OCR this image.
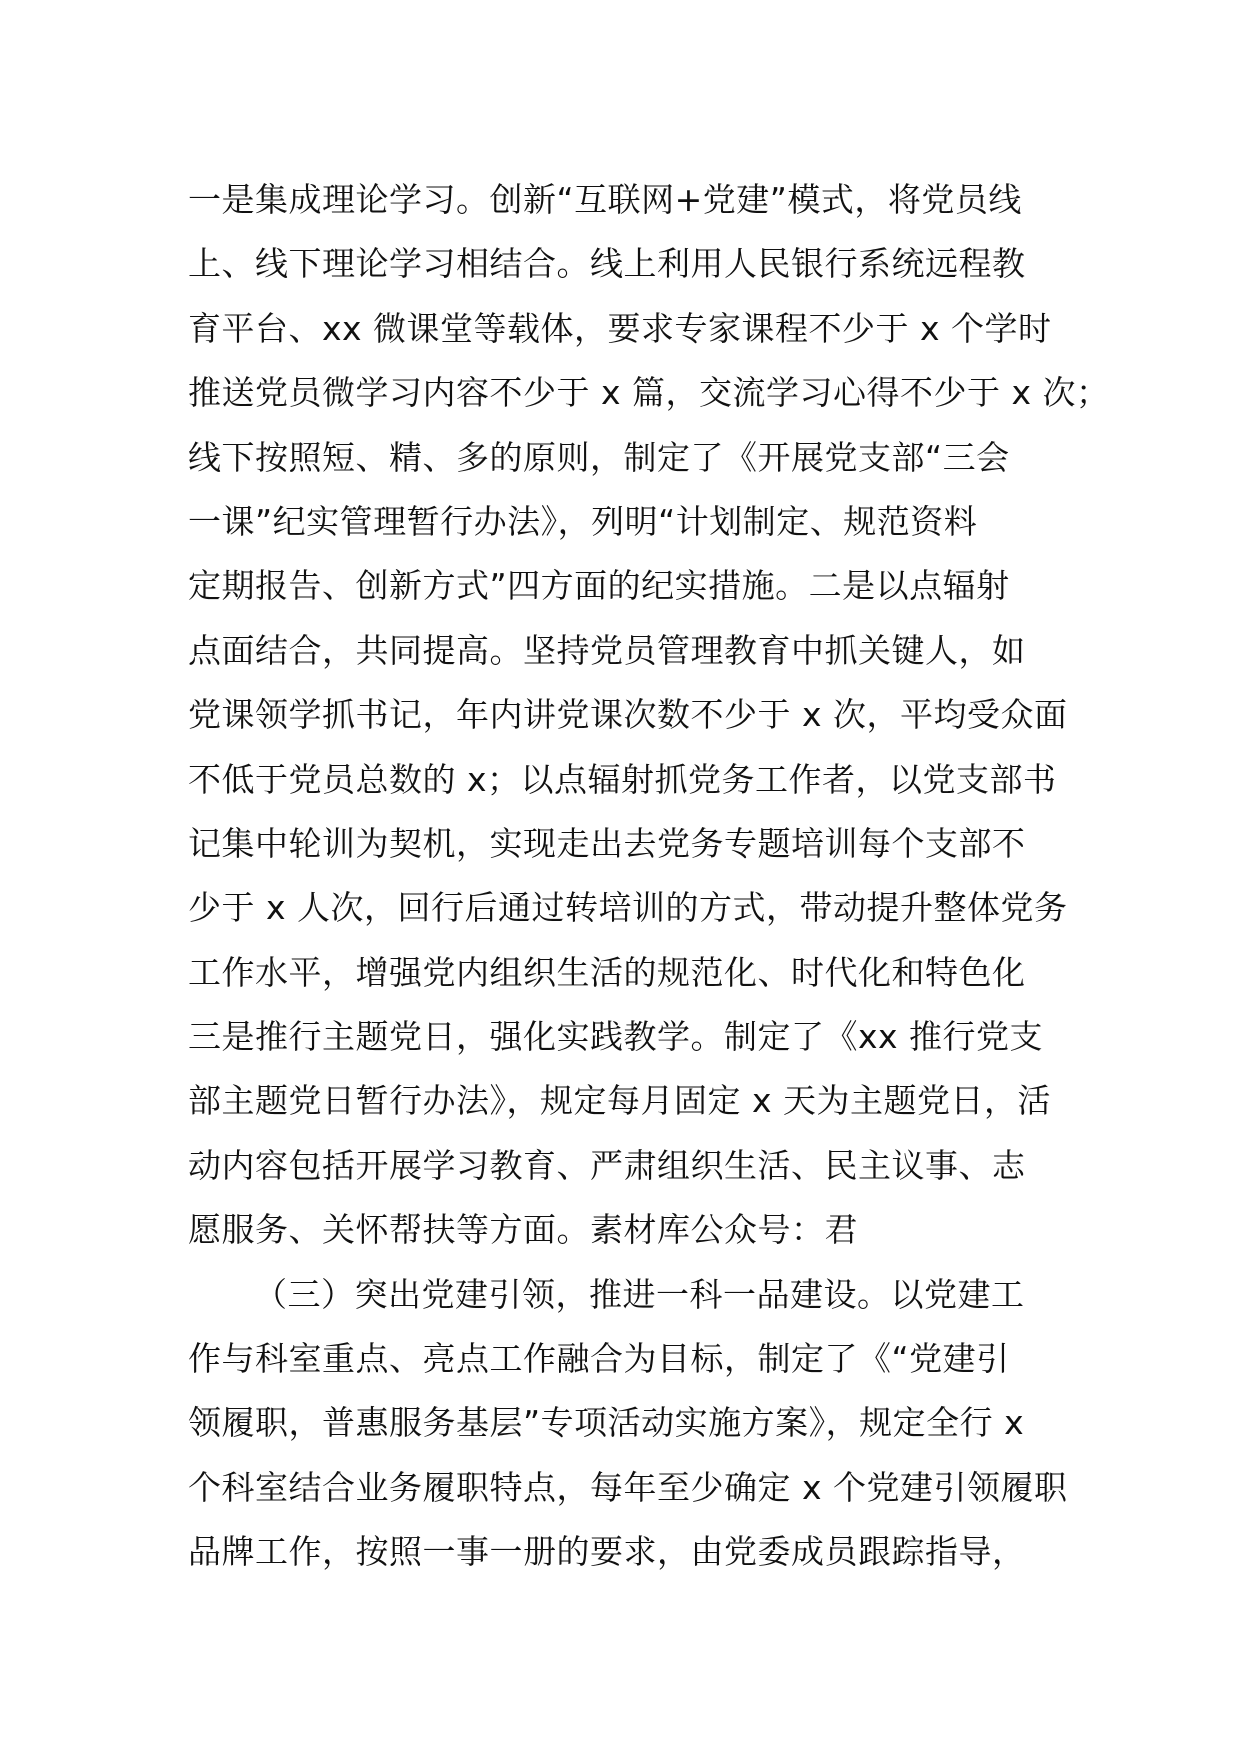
一是集成理论学习。创新“互联网+党建”模式，将党员线
上、线下理论学习相结合。线上利用人民银行系统远程教
育平台、xx 微课堂等载体，要求专家课程不少于 x 个学时
推送党员微学习内容不少于 x 篇，交流学习心得不少于 x 次；
线下按照短、精、多的原则，制定了《开展党支部“三会
一课”纪实管理暂行办法》，列明“计划制定、规范资料
定期报告、创新方式”四方面的纪实措施。二是以点辐射
点面结合，共同提高。坚持党员管理教育中抓关键人，如
党课领学抓书记，年内讲党课次数不少于 x 次，平均受众面
不低于党员总数的 x；以点辐射抓党务工作者，以党支部书
记集中轮训为契机，实现走出去党务专题培训每个支部不
少于 x 人次，回行后通过转培训的方式，带动提升整体党务
工作水平，增强党内组织生活的规范化、时代化和特色化
三是推行主题党日，强化实践教学。制定了《xx 推行党支
部主题党日暂行办法》，规定每月固定 x 天为主题党日，活
动内容包括开展学习教育、严肃组织生活、民主议事、志
愿服务、关怀帮扶等方面。素材库公众号：君
（三）突出党建引领，推进一科一品建设。以党建工
作与科室重点、亮点工作融合为目标，制定了《“党建引
领履职，普惠服务基层”专项活动实施方案》，规定全行 x
个科室结合业务履职特点，每年至少确定 x 个党建引领履职
品牌工作，按照一事一册的要求，由党委成员跟踪指导，
